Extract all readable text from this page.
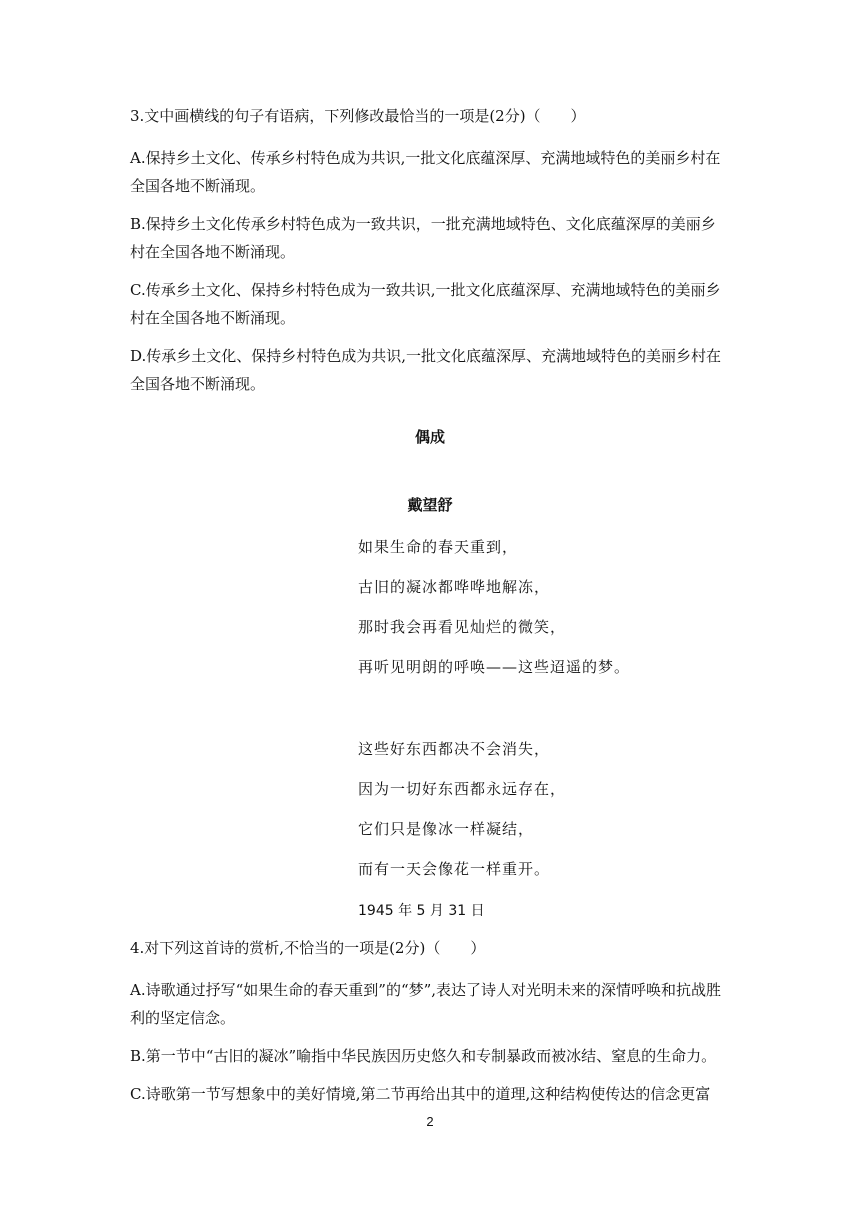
3.文中画横线的句子有语病，下列修改最恰当的一项是(2分)（　　）

A.保持乡土文化、传承乡村特色成为共识,一批文化底蕴深厚、充满地域特色的美丽乡村在全国各地不断涌现。

B.保持乡土文化传承乡村特色成为一致共识，一批充满地域特色、文化底蕴深厚的美丽乡村在全国各地不断涌现。

C.传承乡土文化、保持乡村特色成为一致共识,一批文化底蕴深厚、充满地域特色的美丽乡村在全国各地不断涌现。

D.传承乡土文化、保持乡村特色成为共识,一批文化底蕴深厚、充满地域特色的美丽乡村在全国各地不断涌现。

偶成

戴望舒

如果生命的春天重到，

古旧的凝冰都哗哗地解冻，

那时我会再看见灿烂的微笑，

再听见明朗的呼唤——这些迢遥的梦。

这些好东西都决不会消失，

因为一切好东西都永远存在，

它们只是像冰一样凝结，

而有一天会像花一样重开。

1945 年 5 月 31 日

4.对下列这首诗的赏析,不恰当的一项是(2分)（　　）

A.诗歌通过抒写“如果生命的春天重到”的“梦”,表达了诗人对光明未来的深情呼唤和抗战胜利的坚定信念。

B.第一节中“古旧的凝冰”喻指中华民族因历史悠久和专制暴政而被冰结、窒息的生命力。

C.诗歌第一节写想象中的美好情境,第二节再给出其中的道理,这种结构使传达的信念更富

2
